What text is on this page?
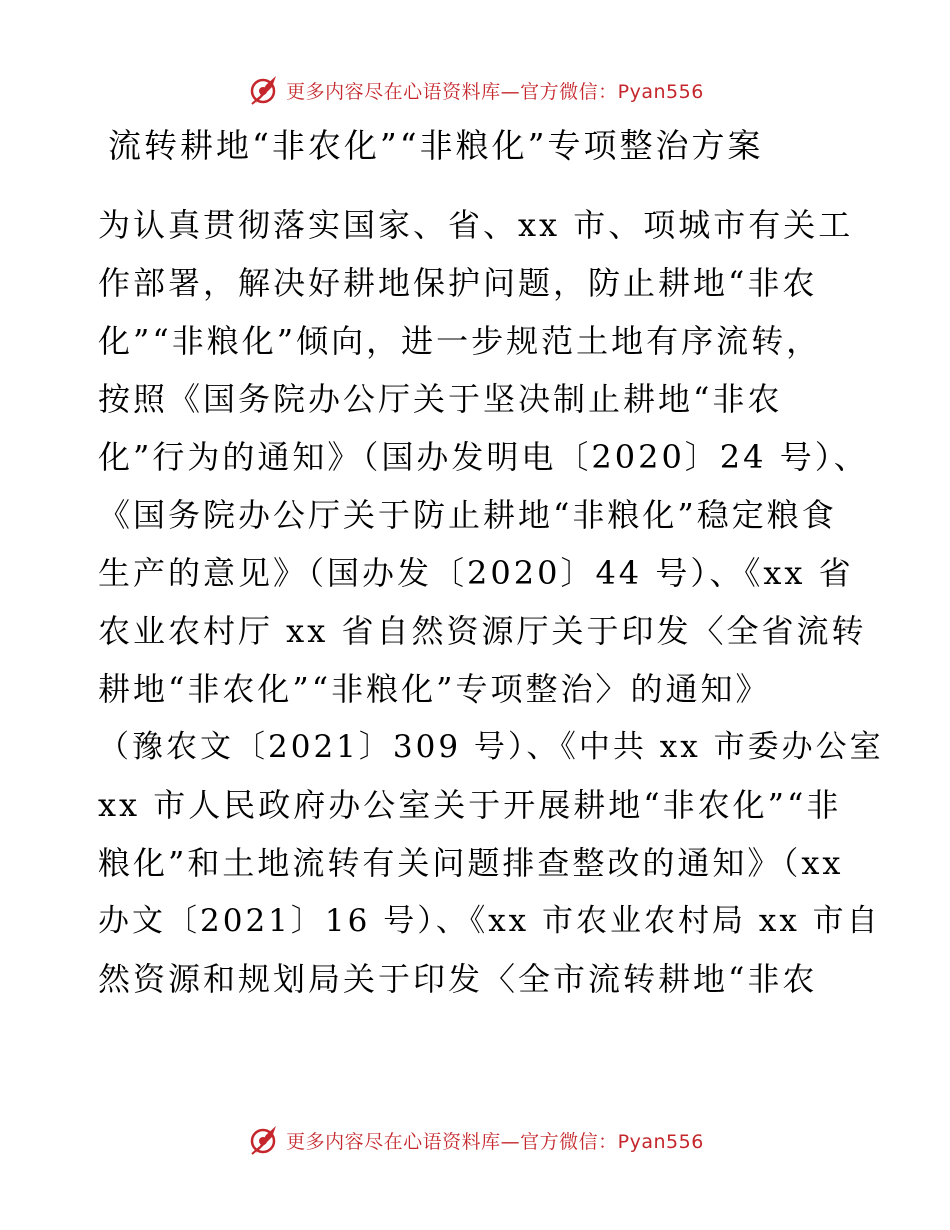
更多内容尽在心语资料库—官方微信：Pyan556
流转耕地“非农化”“非粮化”专项整治方案
为认真贯彻落实国家、省、xx 市、项城市有关工
作部署，解决好耕地保护问题，防止耕地“非农
化”“非粮化”倾向，进一步规范土地有序流转，
按照《国务院办公厅关于坚决制止耕地“非农
化”行为的通知》（国办发明电〔2020〕24 号）、
《国务院办公厅关于防止耕地“非粮化”稳定粮食
生产的意见》（国办发〔2020〕44 号）、《xx 省
农业农村厅 xx 省自然资源厅关于印发〈全省流转
耕地“非农化”“非粮化”专项整治〉的通知》
（豫农文〔2021〕309 号）、《中共 xx 市委办公室
xx 市人民政府办公室关于开展耕地“非农化”“非
粮化”和土地流转有关问题排查整改的通知》（xx
办文〔2021〕16 号）、《xx 市农业农村局 xx 市自
然资源和规划局关于印发〈全市流转耕地“非农
更多内容尽在心语资料库—官方微信：Pyan556
